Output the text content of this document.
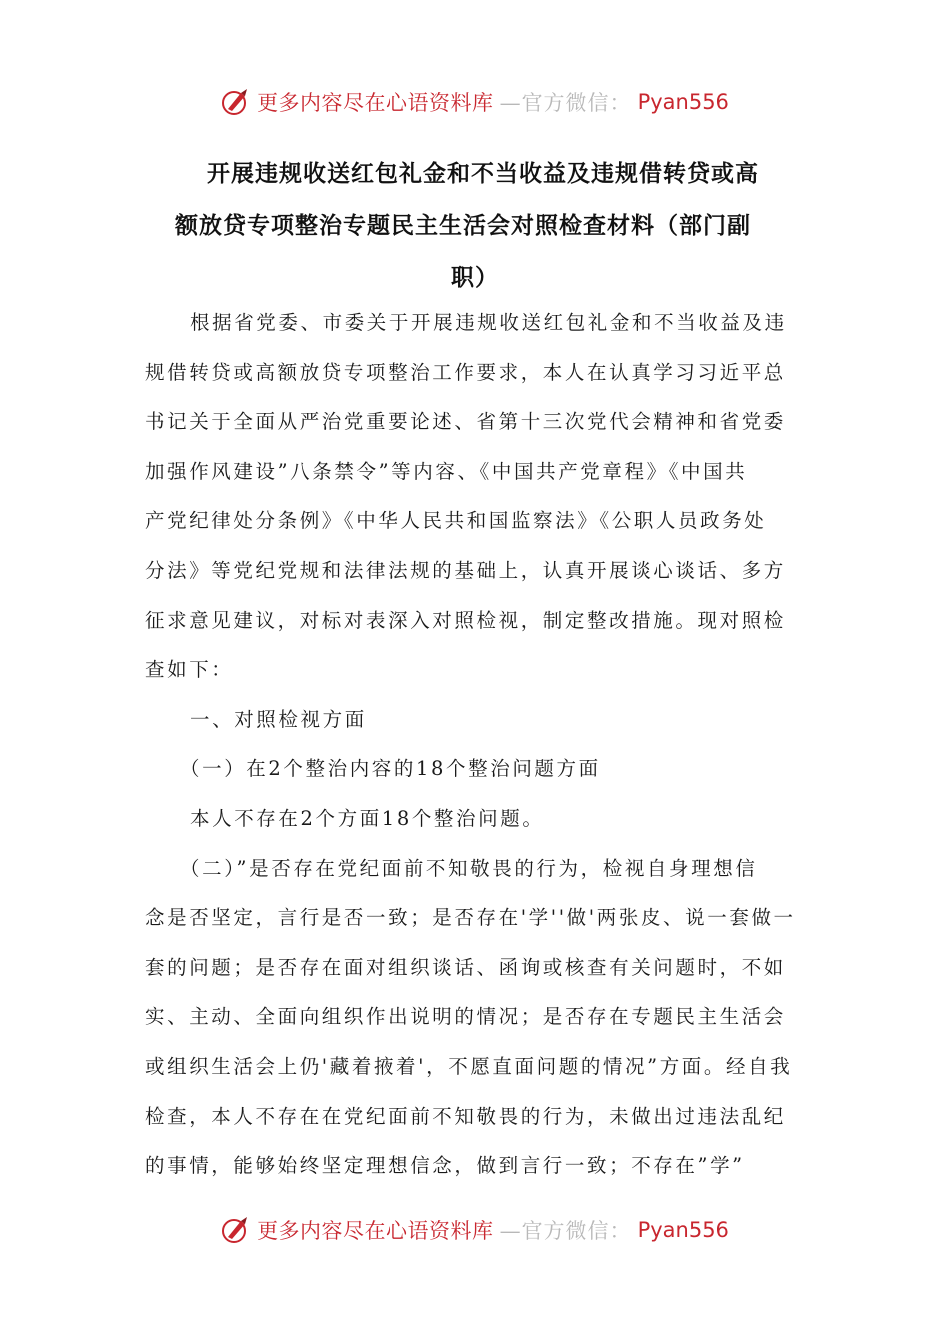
更多内容尽在心语资料库 —官方微信： Pyan556
开展违规收送红包礼金和不当收益及违规借转贷或高
额放贷专项整治专题民主生活会对照检查材料（部门副
职）
根据省党委、市委关于开展违规收送红包礼金和不当收益及违
规借转贷或高额放贷专项整治工作要求，本人在认真学习习近平总
书记关于全面从严治党重要论述、省第十三次党代会精神和省党委
加强作风建设”八条禁令”等内容、《中国共产党章程》《中国共
产党纪律处分条例》《中华人民共和国监察法》《公职人员政务处
分法》等党纪党规和法律法规的基础上，认真开展谈心谈话、多方
征求意见建议，对标对表深入对照检视，制定整改措施。现对照检
查如下：
一、对照检视方面
（一）在2个整治内容的18个整治问题方面
本人不存在2个方面18个整治问题。
（二）”是否存在党纪面前不知敬畏的行为，检视自身理想信
念是否坚定，言行是否一致；是否存在'学''做'两张皮、说一套做一
套的问题；是否存在面对组织谈话、函询或核查有关问题时，不如
实、主动、全面向组织作出说明的情况；是否存在专题民主生活会
或组织生活会上仍'藏着掖着'，不愿直面问题的情况”方面。经自我
检查，本人不存在在党纪面前不知敬畏的行为，未做出过违法乱纪
的事情，能够始终坚定理想信念，做到言行一致；不存在”学”
更多内容尽在心语资料库 —官方微信： Pyan556
